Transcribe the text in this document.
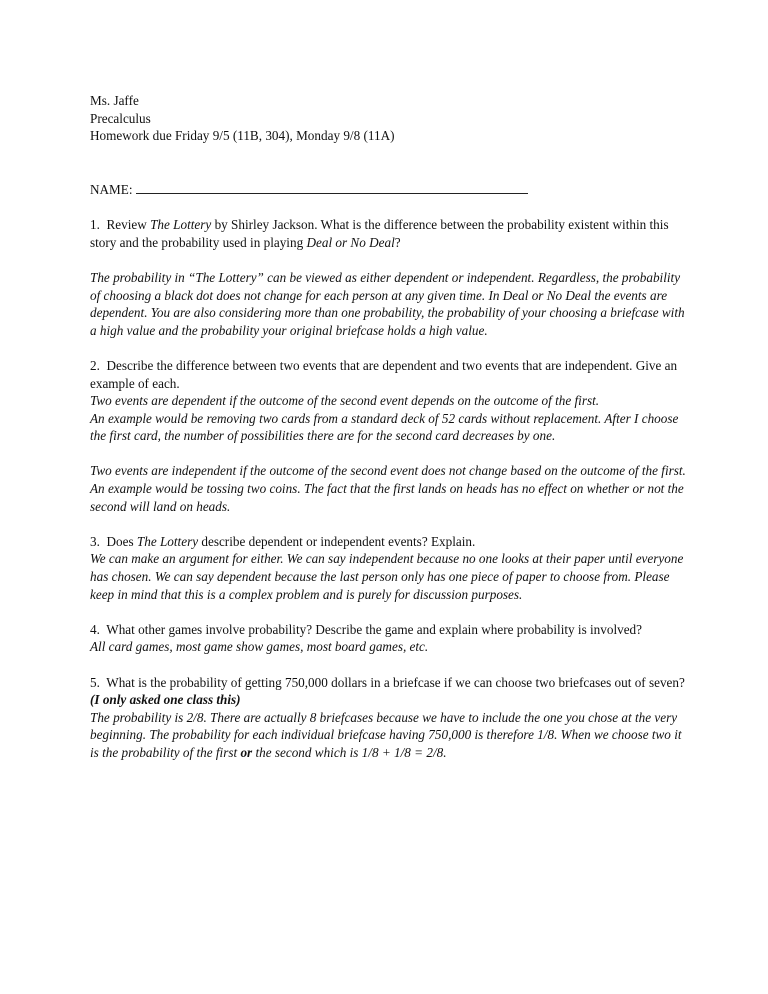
Ms. Jaffe

Precalculus

Homework due Friday 9/5 (11B, 304), Monday 9/8 (11A)

NAME:

1. Review The Lottery by Shirley Jackson. What is the difference between the probability existent within this story and the probability used in playing Deal or No Deal?

The probability in “The Lottery” can be viewed as either dependent or independent. Regardless, the probability of choosing a black dot does not change for each person at any given time. In Deal or No Deal the events are dependent. You are also considering more than one probability, the probability of your choosing a briefcase with a high value and the probability your original briefcase holds a high value.

2. Describe the difference between two events that are dependent and two events that are independent. Give an example of each.

Two events are dependent if the outcome of the second event depends on the outcome of the first.

An example would be removing two cards from a standard deck of 52 cards without replacement. After I choose the first card, the number of possibilities there are for the second card decreases by one.

Two events are independent if the outcome of the second event does not change based on the outcome of the first.

An example would be tossing two coins. The fact that the first lands on heads has no effect on whether or not the second will land on heads.

3. Does The Lottery describe dependent or independent events? Explain.

We can make an argument for either. We can say independent because no one looks at their paper until everyone has chosen. We can say dependent because the last person only has one piece of paper to choose from. Please keep in mind that this is a complex problem and is purely for discussion purposes.

4. What other games involve probability? Describe the game and explain where probability is involved?

All card games, most game show games, most board games, etc.

5. What is the probability of getting 750,000 dollars in a briefcase if we can choose two briefcases out of seven?

(I only asked one class this)

The probability is 2/8. There are actually 8 briefcases because we have to include the one you chose at the very beginning. The probability for each individual briefcase having 750,000 is therefore 1/8. When we choose two it is the probability of the first or the second which is 1/8 + 1/8 = 2/8.
